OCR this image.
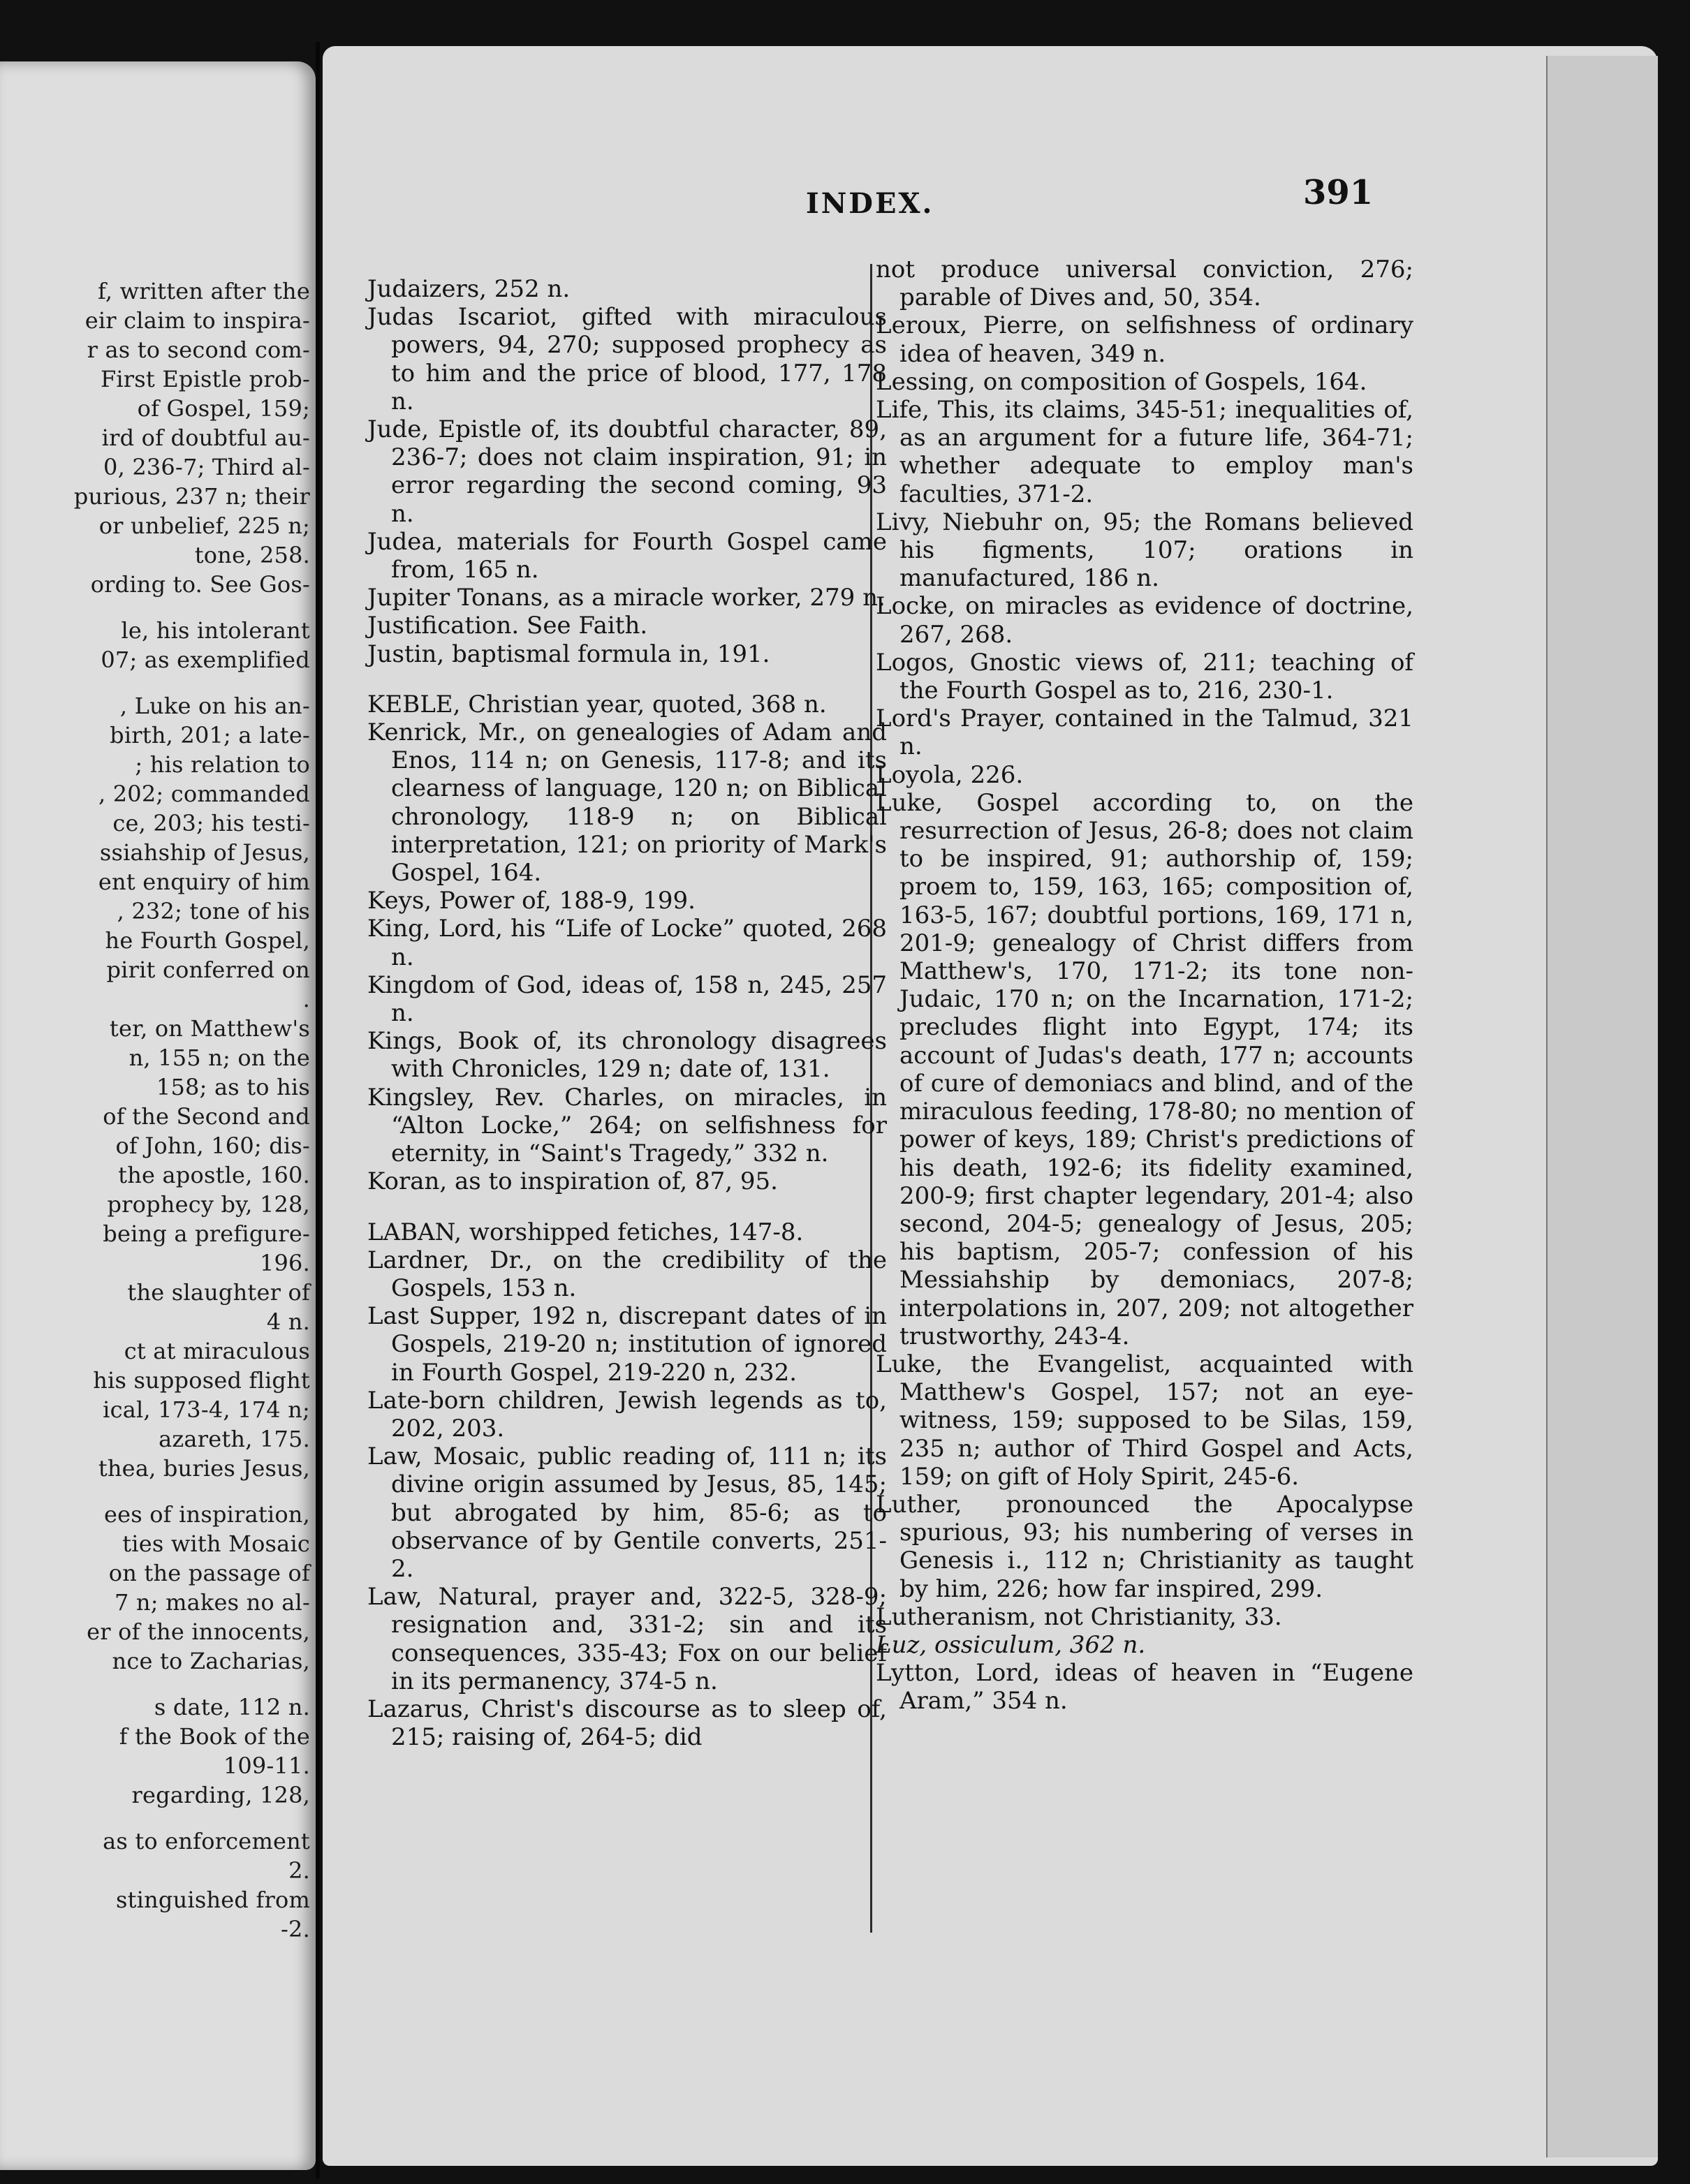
f, written after the
eir claim to inspira-
r as to second com-
First Epistle prob-
of Gospel, 159;
ird of doubtful au-
0, 236-7; Third al-
purious, 237 n; their
or unbelief, 225 n;
tone, 258.
ording to. See Gos-
le, his intolerant
07; as exemplified
, Luke on his an-
birth, 201; a late-
; his relation to
, 202; commanded
ce, 203; his testi-
ssiahship of Jesus,
ent enquiry of him
, 232; tone of his
he Fourth Gospel,
pirit conferred on
.
ter, on Matthew's
n, 155 n; on the
158; as to his
of the Second and
of John, 160; dis-
the apostle, 160.
prophecy by, 128,
being a prefigure-
196.
the slaughter of
4 n.
ct at miraculous
his supposed flight
ical, 173-4, 174 n;
azareth, 175.
thea, buries Jesus,
ees of inspiration,
ties with Mosaic
on the passage of
7 n; makes no al-
er of the innocents,
nce to Zacharias,
s date, 112 n.
f the Book of the
109-11.
regarding, 128,
as to enforcement
2.
stinguished from
-2.
INDEX.	391
Judaizers, 252 n.
Judas Iscariot, gifted with miraculous powers, 94, 270; supposed prophecy as to him and the price of blood, 177, 178 n.
Jude, Epistle of, its doubtful character, 89, 236-7; does not claim inspiration, 91; in error regarding the second coming, 93 n.
Judea, materials for Fourth Gospel came from, 165 n.
Jupiter Tonans, as a miracle worker, 279 n.
Justification. See Faith.
Justin, baptismal formula in, 191.
KEBLE, Christian year, quoted, 368 n.
Kenrick, Mr., on genealogies of Adam and Enos, 114 n; on Genesis, 117-8; and its clearness of language, 120 n; on Biblical chronology, 118-9 n; on Biblical interpretation, 121; on priority of Mark's Gospel, 164.
Keys, Power of, 188-9, 199.
King, Lord, his “Life of Locke” quoted, 268 n.
Kingdom of God, ideas of, 158 n, 245, 257 n.
Kings, Book of, its chronology disagrees with Chronicles, 129 n; date of, 131.
Kingsley, Rev. Charles, on miracles, in “Alton Locke,” 264; on selfishness for eternity, in “Saint's Tragedy,” 332 n.
Koran, as to inspiration of, 87, 95.
LABAN, worshipped fetiches, 147-8.
Lardner, Dr., on the credibility of the Gospels, 153 n.
Last Supper, 192 n, discrepant dates of in Gospels, 219-20 n; institution of ignored in Fourth Gospel, 219-220 n, 232.
Late-born children, Jewish legends as to, 202, 203.
Law, Mosaic, public reading of, 111 n; its divine origin assumed by Jesus, 85, 145; but abrogated by him, 85-6; as to observance of by Gentile converts, 251-2.
Law, Natural, prayer and, 322-5, 328-9; resignation and, 331-2; sin and its consequences, 335-43; Fox on our belief in its permanency, 374-5 n.
Lazarus, Christ's discourse as to sleep of, 215; raising of, 264-5; did
not produce universal conviction, 276; parable of Dives and, 50, 354.
Leroux, Pierre, on selfishness of ordinary idea of heaven, 349 n.
Lessing, on composition of Gospels, 164.
Life, This, its claims, 345-51; inequalities of, as an argument for a future life, 364-71; whether adequate to employ man's faculties, 371-2.
Livy, Niebuhr on, 95; the Romans believed his figments, 107; orations in manufactured, 186 n.
Locke, on miracles as evidence of doctrine, 267, 268.
Logos, Gnostic views of, 211; teaching of the Fourth Gospel as to, 216, 230-1.
Lord's Prayer, contained in the Talmud, 321 n.
Loyola, 226.
Luke, Gospel according to, on the resurrection of Jesus, 26-8; does not claim to be inspired, 91; authorship of, 159; proem to, 159, 163, 165; composition of, 163-5, 167; doubtful portions, 169, 171 n, 201-9; genealogy of Christ differs from Matthew's, 170, 171-2; its tone non-Judaic, 170 n; on the Incarnation, 171-2; precludes flight into Egypt, 174; its account of Judas's death, 177 n; accounts of cure of demoniacs and blind, and of the miraculous feeding, 178-80; no mention of power of keys, 189; Christ's predictions of his death, 192-6; its fidelity examined, 200-9; first chapter legendary, 201-4; also second, 204-5; genealogy of Jesus, 205; his baptism, 205-7; confession of his Messiahship by demoniacs, 207-8; interpolations in, 207, 209; not altogether trustworthy, 243-4.
Luke, the Evangelist, acquainted with Matthew's Gospel, 157; not an eye-witness, 159; supposed to be Silas, 159, 235 n; author of Third Gospel and Acts, 159; on gift of Holy Spirit, 245-6.
Luther, pronounced the Apocalypse spurious, 93; his numbering of verses in Genesis i., 112 n; Christianity as taught by him, 226; how far inspired, 299.
Lutheranism, not Christianity, 33.
Luz, ossiculum, 362 n.
Lytton, Lord, ideas of heaven in “Eugene Aram,” 354 n.
